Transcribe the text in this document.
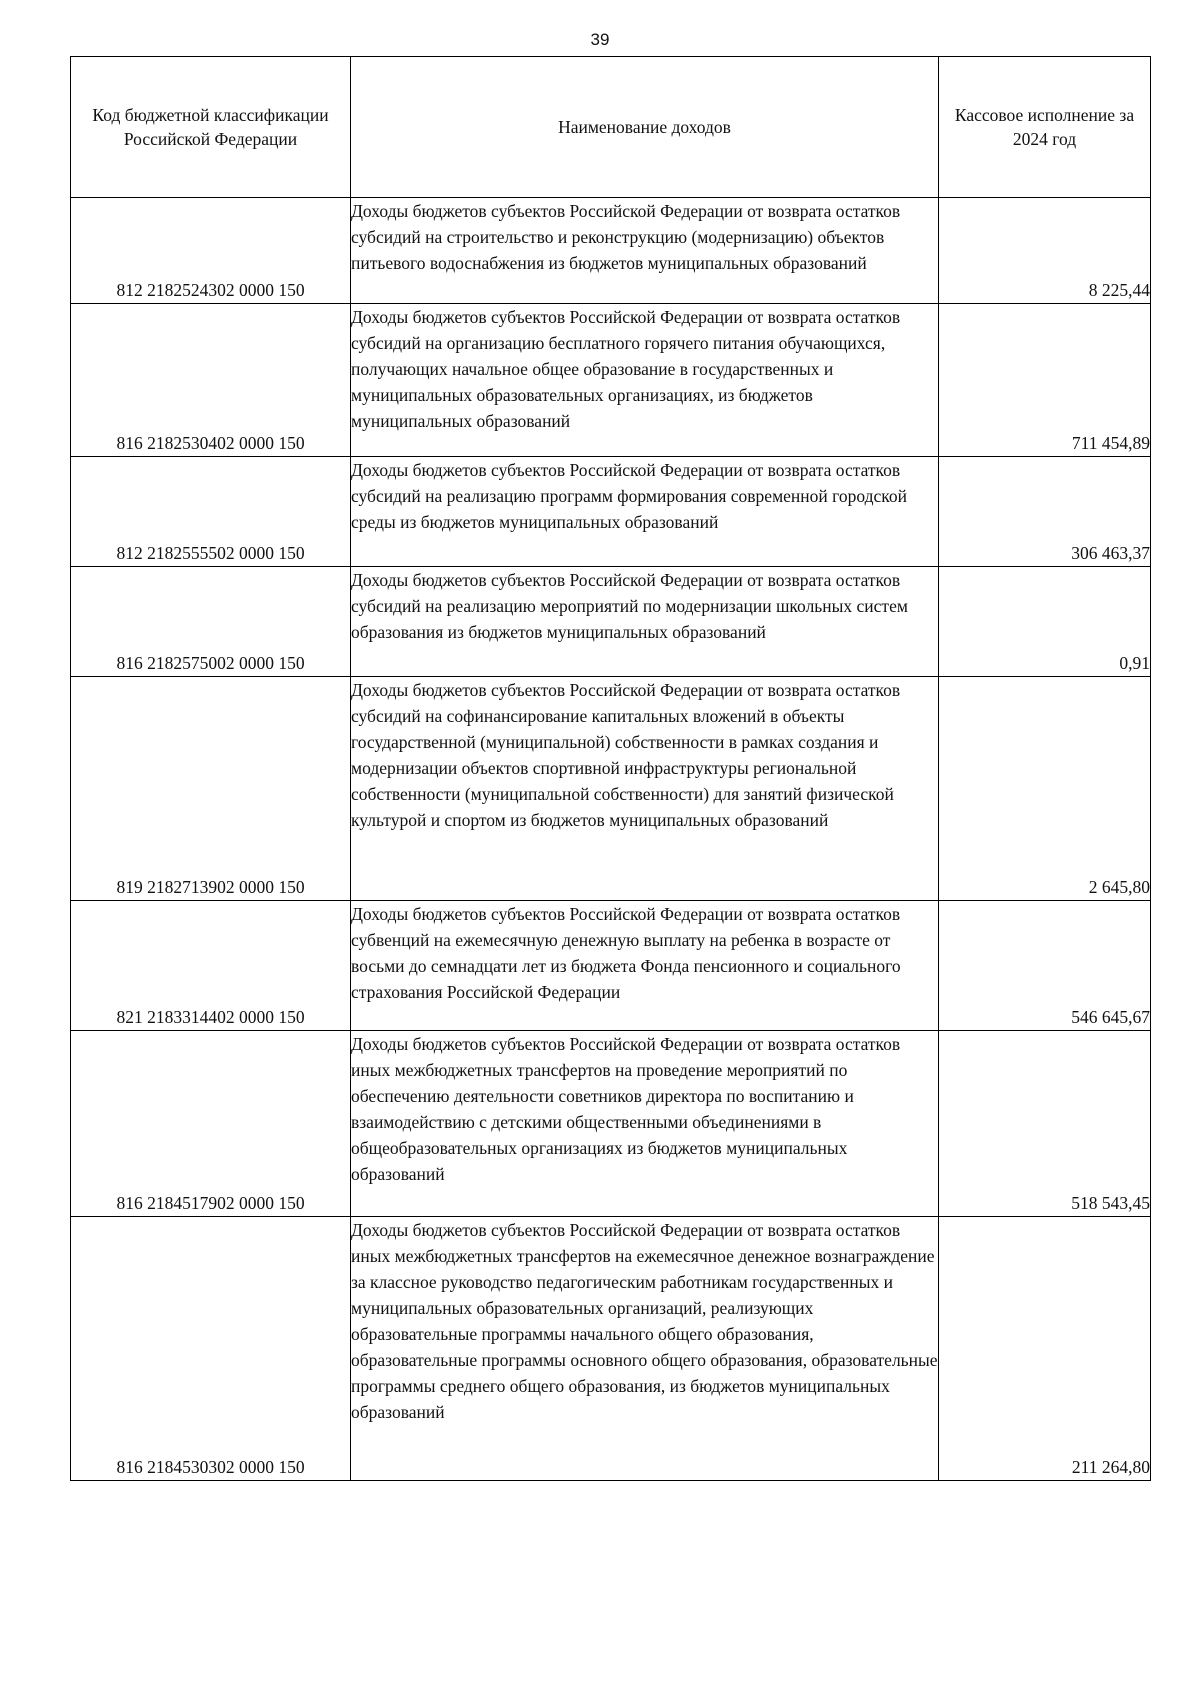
39
Код бюджетной классификации Российской Федерации	Наименование доходов	Кассовое исполнение за 2024 год
812 2182524302 0000 150	Доходы бюджетов субъектов Российской Федерации от возврата остатков субсидий на строительство и реконструкцию (модернизацию) объектов питьевого водоснабжения из бюджетов муниципальных образований	8 225,44
816 2182530402 0000 150	Доходы бюджетов субъектов Российской Федерации от возврата остатков субсидий на организацию бесплатного горячего питания обучающихся, получающих начальное общее образование в государственных и муниципальных образовательных организациях, из бюджетов муниципальных образований	711 454,89
812 2182555502 0000 150	Доходы бюджетов субъектов Российской Федерации от возврата остатков субсидий на реализацию программ формирования современной городской среды из бюджетов муниципальных образований	306 463,37
816 2182575002 0000 150	Доходы бюджетов субъектов Российской Федерации от возврата остатков субсидий на реализацию мероприятий по модернизации школьных систем образования из бюджетов муниципальных образований	0,91
819 2182713902 0000 150	Доходы бюджетов субъектов Российской Федерации от возврата остатков субсидий на софинансирование капитальных вложений в объекты государственной (муниципальной) собственности в рамках создания и модернизации объектов спортивной инфраструктуры региональной собственности (муниципальной собственности) для занятий физической культурой и спортом из бюджетов муниципальных образований	2 645,80
821 2183314402 0000 150	Доходы бюджетов субъектов Российской Федерации от возврата остатков субвенций на ежемесячную денежную выплату на ребенка в возрасте от восьми до семнадцати лет из бюджета Фонда пенсионного и социального страхования Российской Федерации	546 645,67
816 2184517902 0000 150	Доходы бюджетов субъектов Российской Федерации от возврата остатков иных межбюджетных трансфертов на проведение мероприятий по обеспечению деятельности советников директора по воспитанию и взаимодействию с детскими общественными объединениями в общеобразовательных организациях из бюджетов муниципальных образований	518 543,45
816 2184530302 0000 150	Доходы бюджетов субъектов Российской Федерации от возврата остатков иных межбюджетных трансфертов на ежемесячное денежное вознаграждение за классное руководство педагогическим работникам государственных и муниципальных образовательных организаций, реализующих образовательные программы начального общего образования, образовательные программы основного общего образования, образовательные программы среднего общего образования, из бюджетов муниципальных образований	211 264,80
